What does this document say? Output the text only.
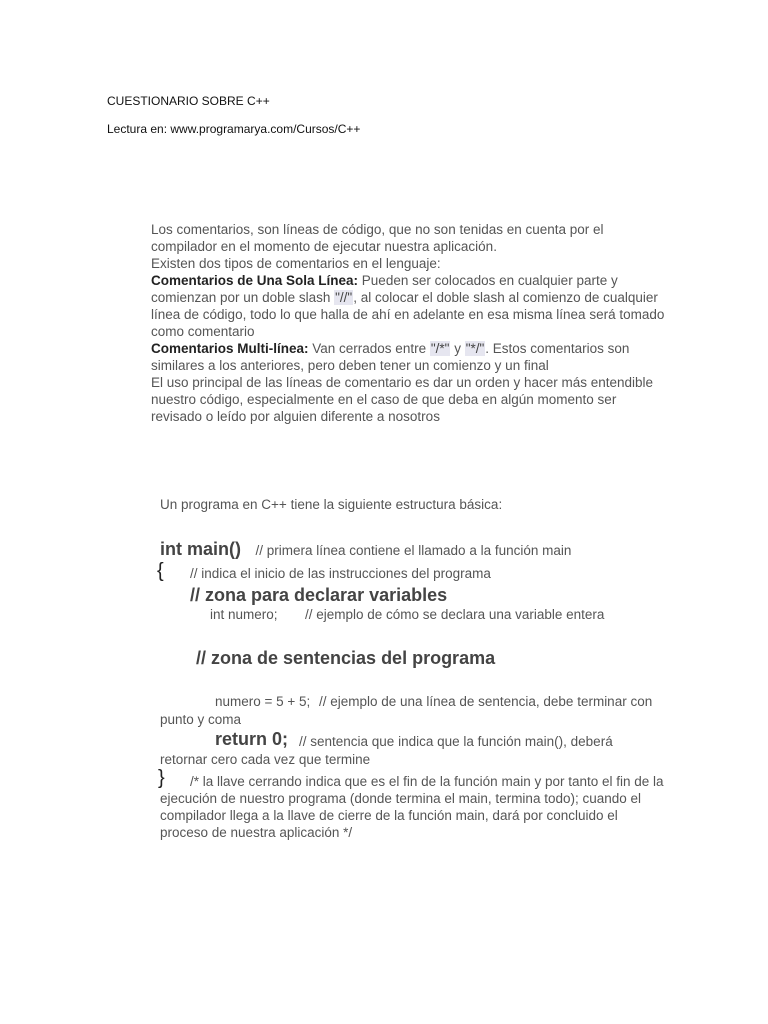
CUESTIONARIO SOBRE C++
Lectura en: www.programarya.com/Cursos/C++
Los comentarios, son líneas de código, que no son tenidas en cuenta por el compilador en el momento de ejecutar nuestra aplicación.
Existen dos tipos de comentarios en el lenguaje:
Comentarios de Una Sola Línea: Pueden ser colocados en cualquier parte y comienzan por un doble slash "//", al colocar el doble slash al comienzo de cualquier línea de código, todo lo que halla de ahí en adelante en esa misma línea será tomado como comentario
Comentarios Multi-línea: Van cerrados entre "/*" y "*/". Estos comentarios son similares a los anteriores, pero deben tener un comienzo y un final
El uso principal de las líneas de comentario es dar un orden y hacer más entendible nuestro código, especialmente en el caso de que deba en algún momento ser revisado o leído por alguien diferente a nosotros
Un programa en C++ tiene la siguiente estructura básica:
int main() // primera línea contiene el llamado a la función main
{ // indica el inicio de las instrucciones del programa
// zona para declarar variables
int numero; // ejemplo de cómo se declara una variable entera
// zona de sentencias del programa
numero = 5 + 5; // ejemplo de una línea de sentencia, debe terminar con
punto y coma
return 0; // sentencia que indica que la función main(), deberá
retornar cero cada vez que termine
}	/* la llave cerrando indica que es el fin de la función main y por tanto el fin de la ejecución de nuestro programa (donde termina el main, termina todo); cuando el compilador llega a la llave de cierre de la función main, dará por concluido el proceso de nuestra aplicación */
